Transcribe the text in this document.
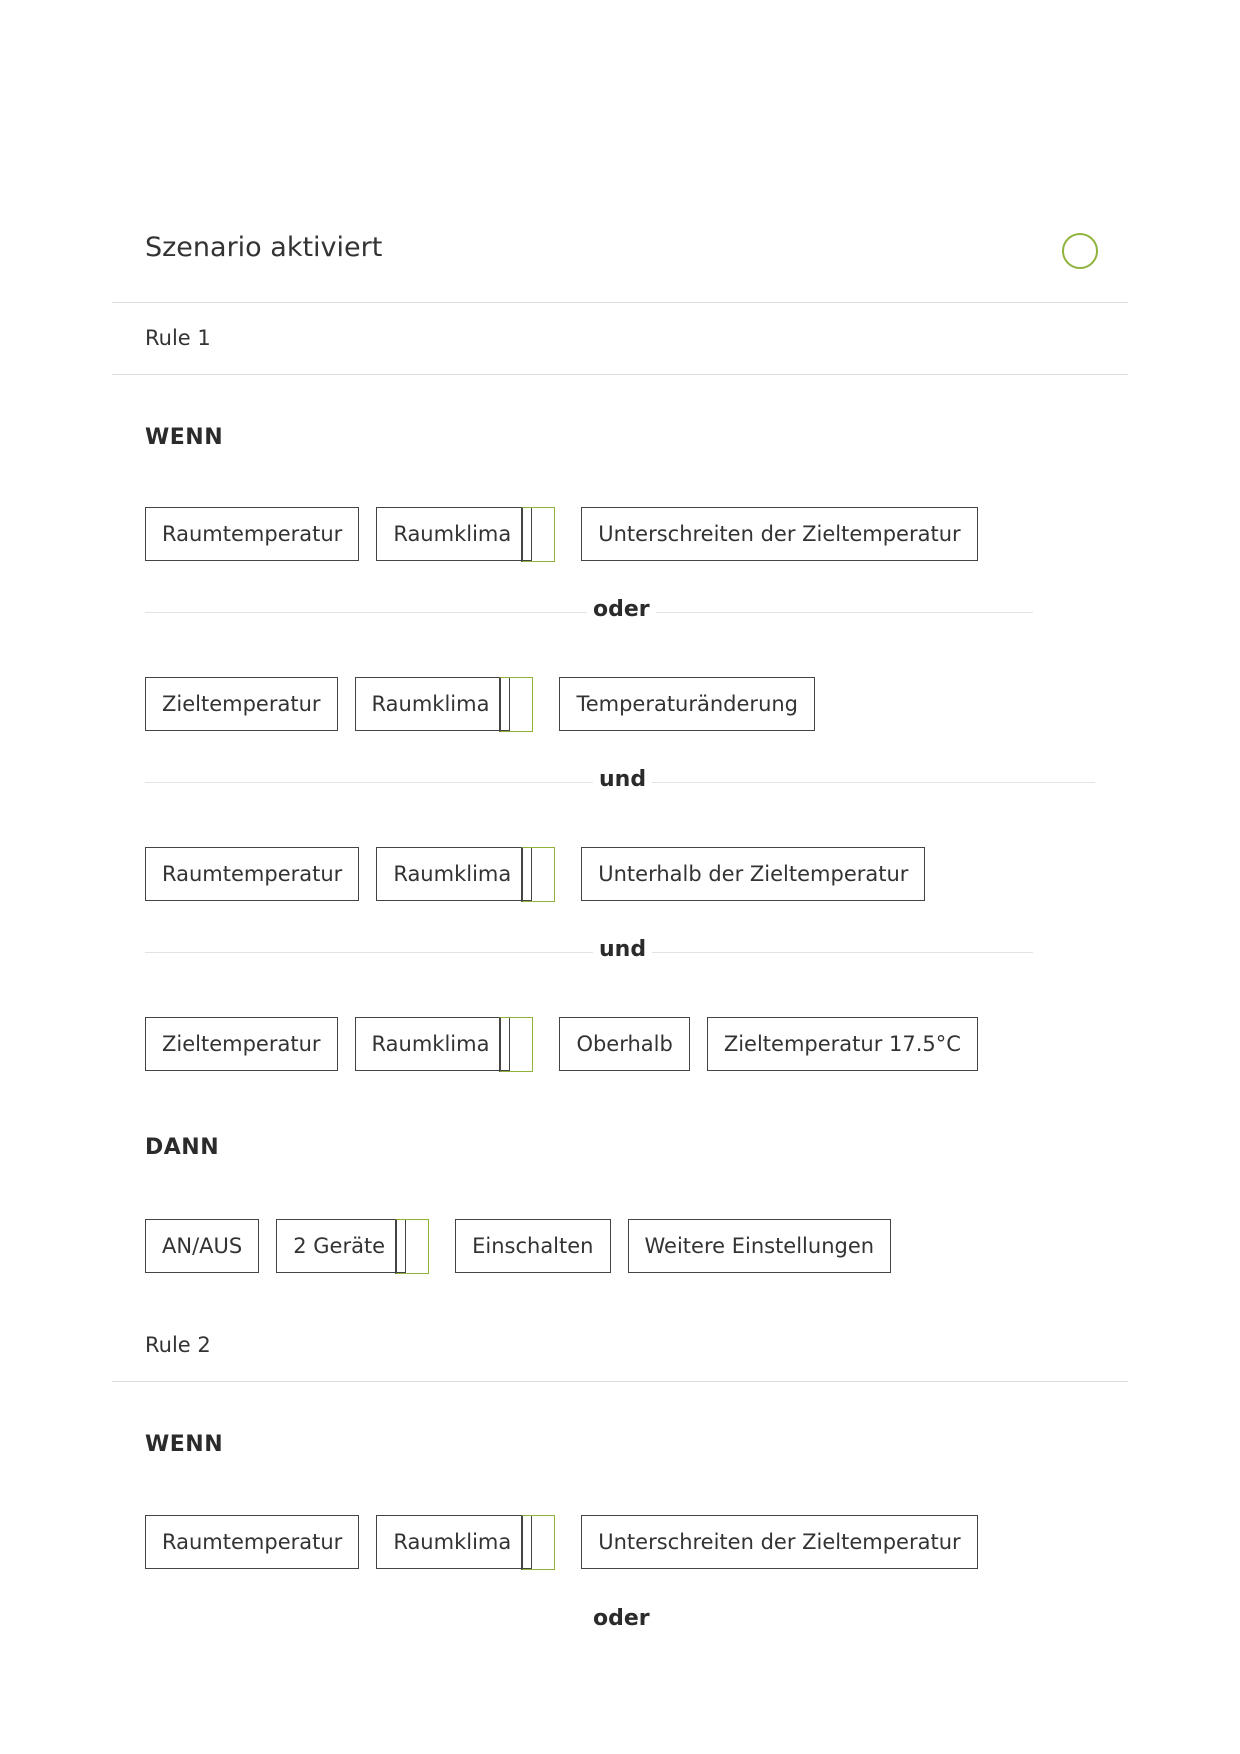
Szenario aktiviert
Rule 1
WENN
Raumtemperatur	Raumklima	Unterschreiten der Zieltemperatur
oder
Zieltemperatur	Raumklima	Temperaturänderung
und
Raumtemperatur	Raumklima	Unterhalb der Zieltemperatur
und
Zieltemperatur	Raumklima	Oberhalb	Zieltemperatur 17.5°C
DANN
AN/AUS	2 Geräte	Einschalten	Weitere Einstellungen
Rule 2
WENN
Raumtemperatur	Raumklima	Unterschreiten der Zieltemperatur
oder
